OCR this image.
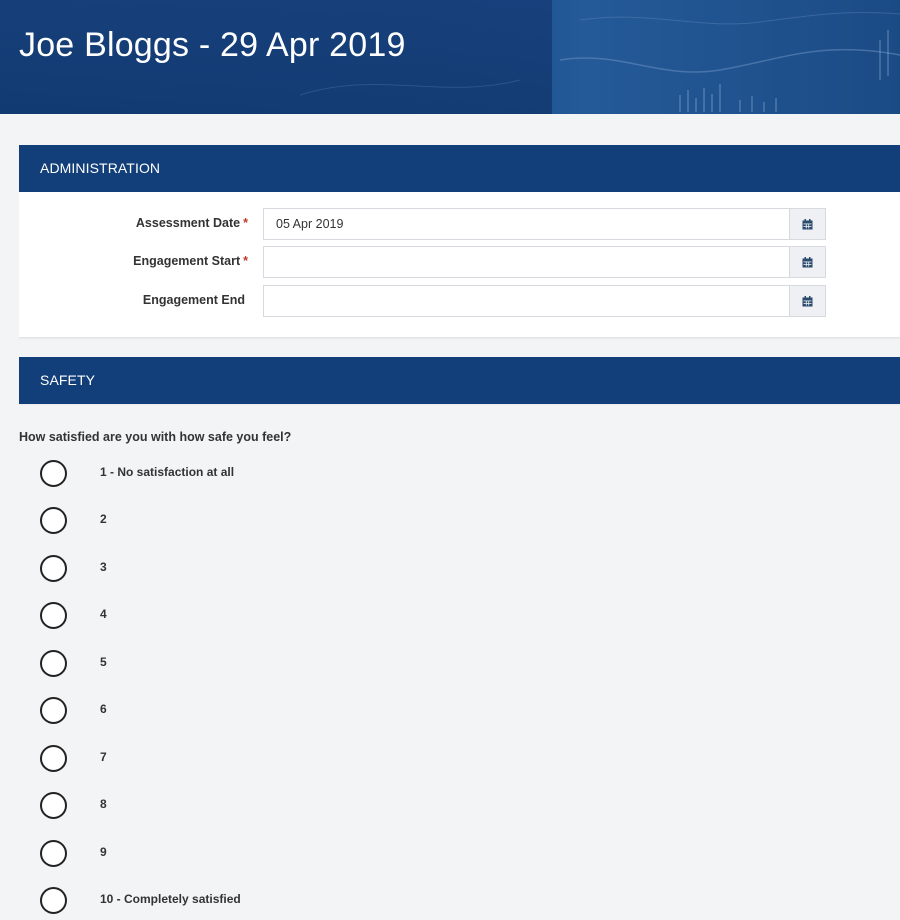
Joe Bloggs - 29 Apr 2019
ADMINISTRATION
Assessment Date *
05 Apr 2019
Engagement Start *
Engagement End
SAFETY
How satisfied are you with how safe you feel?
1 - No satisfaction at all
2
3
4
5
6
7
8
9
10 - Completely satisfied
